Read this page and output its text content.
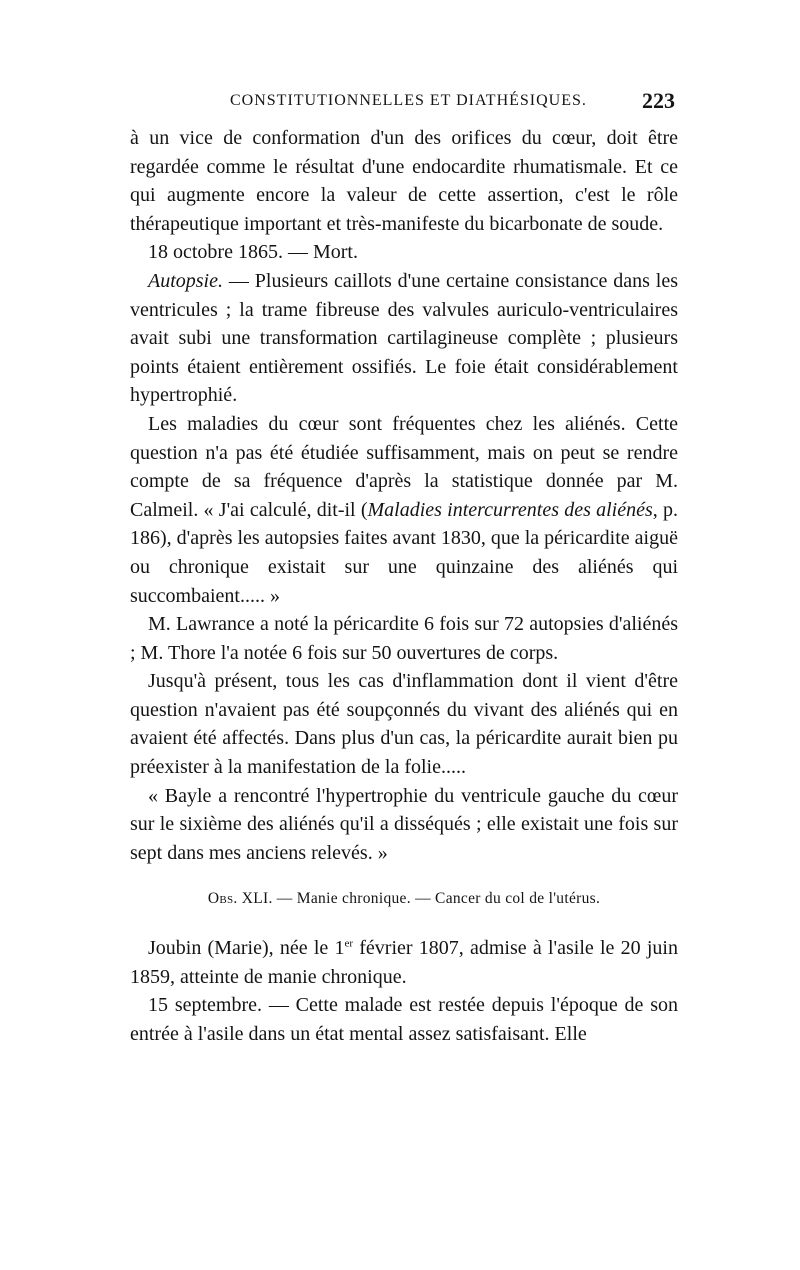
CONSTITUTIONNELLES ET DIATHÉSIQUES.	223

à un vice de conformation d'un des orifices du cœur, doit être regardée comme le résultat d'une endocardite rhumatismale. Et ce qui augmente encore la valeur de cette assertion, c'est le rôle thérapeutique important et très-manifeste du bicarbonate de soude.

18 octobre 1865. — Mort.

Autopsie. — Plusieurs caillots d'une certaine consistance dans les ventricules ; la trame fibreuse des valvules auriculo-ventriculaires avait subi une transformation cartilagineuse complète ; plusieurs points étaient entièrement ossifiés. Le foie était considérablement hypertrophié.

Les maladies du cœur sont fréquentes chez les aliénés. Cette question n'a pas été étudiée suffisamment, mais on peut se rendre compte de sa fréquence d'après la statistique donnée par M. Calmeil. « J'ai calculé, dit-il (Maladies intercurrentes des aliénés, p. 186), d'après les autopsies faites avant 1830, que la péricardite aiguë ou chronique existait sur une quinzaine des aliénés qui succombaient..... »

M. Lawrance a noté la péricardite 6 fois sur 72 autopsies d'aliénés ; M. Thore l'a notée 6 fois sur 50 ouvertures de corps.

Jusqu'à présent, tous les cas d'inflammation dont il vient d'être question n'avaient pas été soupçonnés du vivant des aliénés qui en avaient été affectés. Dans plus d'un cas, la péricardite aurait bien pu préexister à la manifestation de la folie.....

« Bayle a rencontré l'hypertrophie du ventricule gauche du cœur sur le sixième des aliénés qu'il a disséqués ; elle existait une fois sur sept dans mes anciens relevés. »

Obs. XLI. — Manie chronique. — Cancer du col de l'utérus.

Joubin (Marie), née le 1er février 1807, admise à l'asile le 20 juin 1859, atteinte de manie chronique.

15 septembre. — Cette malade est restée depuis l'époque de son entrée à l'asile dans un état mental assez satisfaisant. Elle
